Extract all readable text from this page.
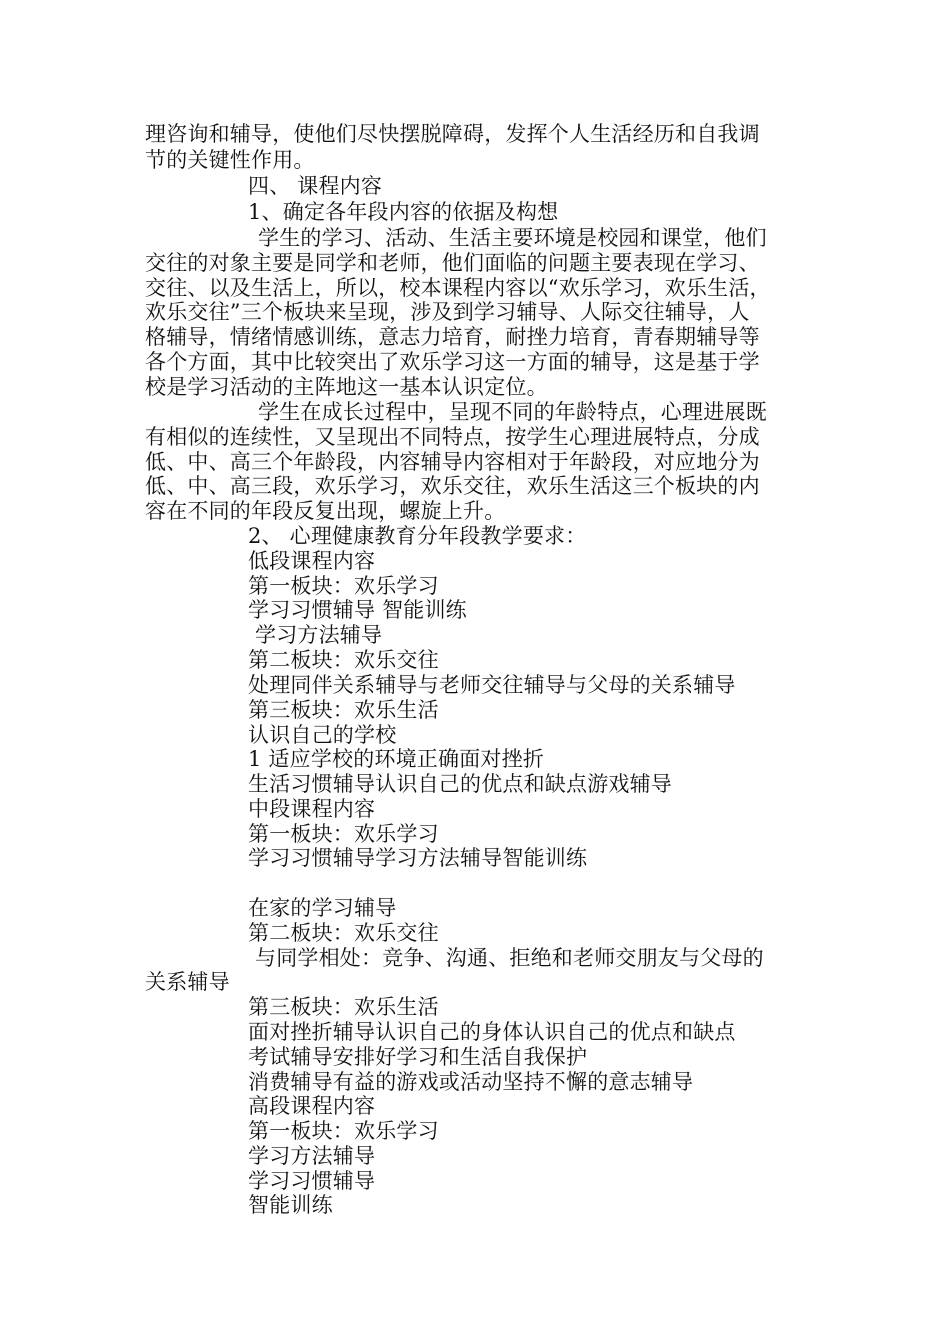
理咨询和辅导，使他们尽快摆脱障碍，发挥个人生活经历和自我调
节的关键性作用。
四、 课程内容
1、确定各年段内容的依据及构想
学生的学习、活动、生活主要环境是校园和课堂，他们
交往的对象主要是同学和老师，他们面临的问题主要表现在学习、
交往、以及生活上，所以，校本课程内容以“欢乐学习，欢乐生活，
欢乐交往”三个板块来呈现，涉及到学习辅导、人际交往辅导，人
格辅导，情绪情感训练，意志力培育，耐挫力培育，青春期辅导等
各个方面，其中比较突出了欢乐学习这一方面的辅导，这是基于学
校是学习活动的主阵地这一基本认识定位。
学生在成长过程中，呈现不同的年龄特点，心理进展既
有相似的连续性，又呈现出不同特点，按学生心理进展特点，分成
低、中、高三个年龄段，内容辅导内容相对于年龄段，对应地分为
低、中、高三段，欢乐学习，欢乐交往，欢乐生活这三个板块的内
容在不同的年段反复出现，螺旋上升。
2、 心理健康教育分年段教学要求：
低段课程内容
第一板块：欢乐学习
学习习惯辅导 智能训练
学习方法辅导
第二板块：欢乐交往
处理同伴关系辅导与老师交往辅导与父母的关系辅导
第三板块：欢乐生活
认识自己的学校
1 适应学校的环境正确面对挫折
生活习惯辅导认识自己的优点和缺点游戏辅导
中段课程内容
第一板块：欢乐学习
学习习惯辅导学习方法辅导智能训练
在家的学习辅导
第二板块：欢乐交往
与同学相处：竞争、沟通、拒绝和老师交朋友与父母的
关系辅导
第三板块：欢乐生活
面对挫折辅导认识自己的身体认识自己的优点和缺点
考试辅导安排好学习和生活自我保护
消费辅导有益的游戏或活动坚持不懈的意志辅导
高段课程内容
第一板块：欢乐学习
学习方法辅导
学习习惯辅导
智能训练
